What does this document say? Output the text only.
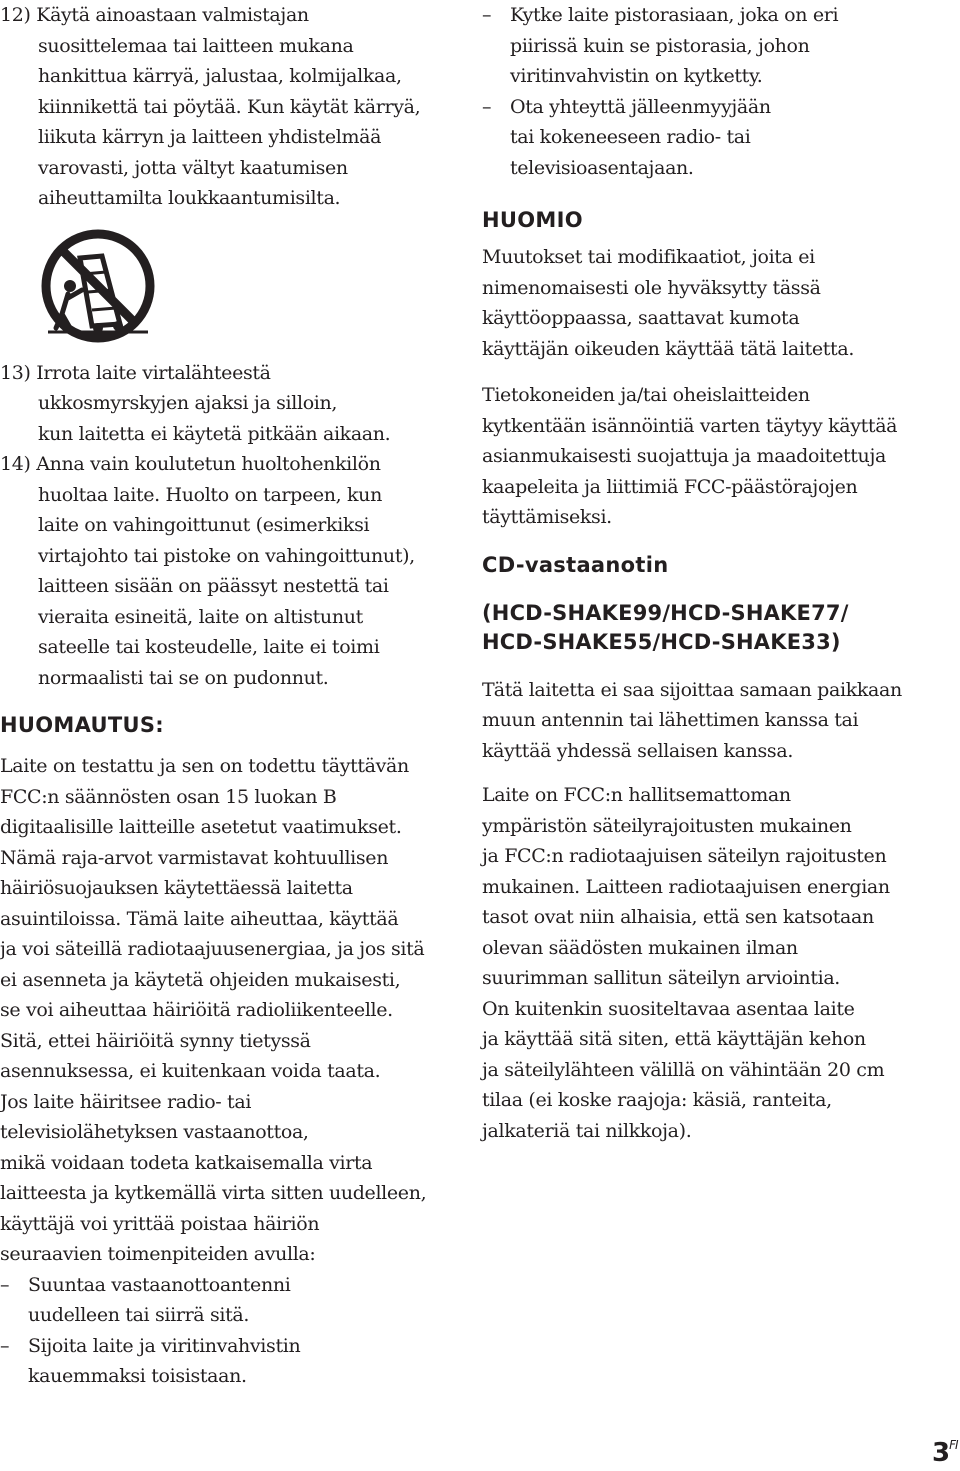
12) Käytä ainoastaan valmistajan
suosittelemaa tai laitteen mukana
hankittua kärryä, jalustaa, kolmijalkaa,
kiinnikettä tai pöytää. Kun käytät kärryä,
liikuta kärryn ja laitteen yhdistelmää
varovasti, jotta vältyt kaatumisen
aiheuttamilta loukkaantumisilta.
13) Irrota laite virtalähteestä
ukkosmyrskyjen ajaksi ja silloin,
kun laitetta ei käytetä pitkään aikaan.
14) Anna vain koulutetun huoltohenkilön
huoltaa laite. Huolto on tarpeen, kun
laite on vahingoittunut (esimerkiksi
virtajohto tai pistoke on vahingoittunut),
laitteen sisään on päässyt nestettä tai
vieraita esineitä, laite on altistunut
sateelle tai kosteudelle, laite ei toimi
normaalisti tai se on pudonnut.
HUOMAUTUS:
Laite on testattu ja sen on todettu täyttävän
FCC:n säännösten osan 15 luokan B
digitaalisille laitteille asetetut vaatimukset.
Nämä raja-arvot varmistavat kohtuullisen
häiriösuojauksen käytettäessä laitetta
asuintiloissa. Tämä laite aiheuttaa, käyttää
ja voi säteillä radiotaajuusenergiaa, ja jos sitä
ei asenneta ja käytetä ohjeiden mukaisesti,
se voi aiheuttaa häiriöitä radioliikenteelle.
Sitä, ettei häiriöitä synny tietyssä
asennuksessa, ei kuitenkaan voida taata.
Jos laite häiritsee radio- tai
televisiolähetyksen vastaanottoa,
mikä voidaan todeta katkaisemalla virta
laitteesta ja kytkemällä virta sitten uudelleen,
käyttäjä voi yrittää poistaa häiriön
seuraavien toimenpiteiden avulla:
– Suuntaa vastaanottoantenni
uudelleen tai siirrä sitä.
– Sijoita laite ja viritinvahvistin
kauemmaksi toisistaan.
– Kytke laite pistorasiaan, joka on eri
piirissä kuin se pistorasia, johon
viritinvahvistin on kytketty.
– Ota yhteyttä jälleenmyyjään
tai kokeneeseen radio- tai
televisioasentajaan.
HUOMIO
Muutokset tai modifikaatiot, joita ei
nimenomaisesti ole hyväksytty tässä
käyttöoppaassa, saattavat kumota
käyttäjän oikeuden käyttää tätä laitetta.
Tietokoneiden ja/tai oheislaitteiden
kytkentään isännöintiä varten täytyy käyttää
asianmukaisesti suojattuja ja maadoitettuja
kaapeleita ja liittimiä FCC-päästörajojen
täyttämiseksi.
CD-vastaanotin
(HCD-SHAKE99/HCD-SHAKE77/
HCD-SHAKE55/HCD-SHAKE33)
Tätä laitetta ei saa sijoittaa samaan paikkaan
muun antennin tai lähettimen kanssa tai
käyttää yhdessä sellaisen kanssa.
Laite on FCC:n hallitsemattoman
ympäristön säteilyrajoitusten mukainen
ja FCC:n radiotaajuisen säteilyn rajoitusten
mukainen. Laitteen radiotaajuisen energian
tasot ovat niin alhaisia, että sen katsotaan
olevan säädösten mukainen ilman
suurimman sallitun säteilyn arviointia.
On kuitenkin suositeltavaa asentaa laite
ja käyttää sitä siten, että käyttäjän kehon
ja säteilylähteen välillä on vähintään 20 cm
tilaa (ei koske raajoja: käsiä, ranteita,
jalkateriä tai nilkkoja).
$3^{FI}$
